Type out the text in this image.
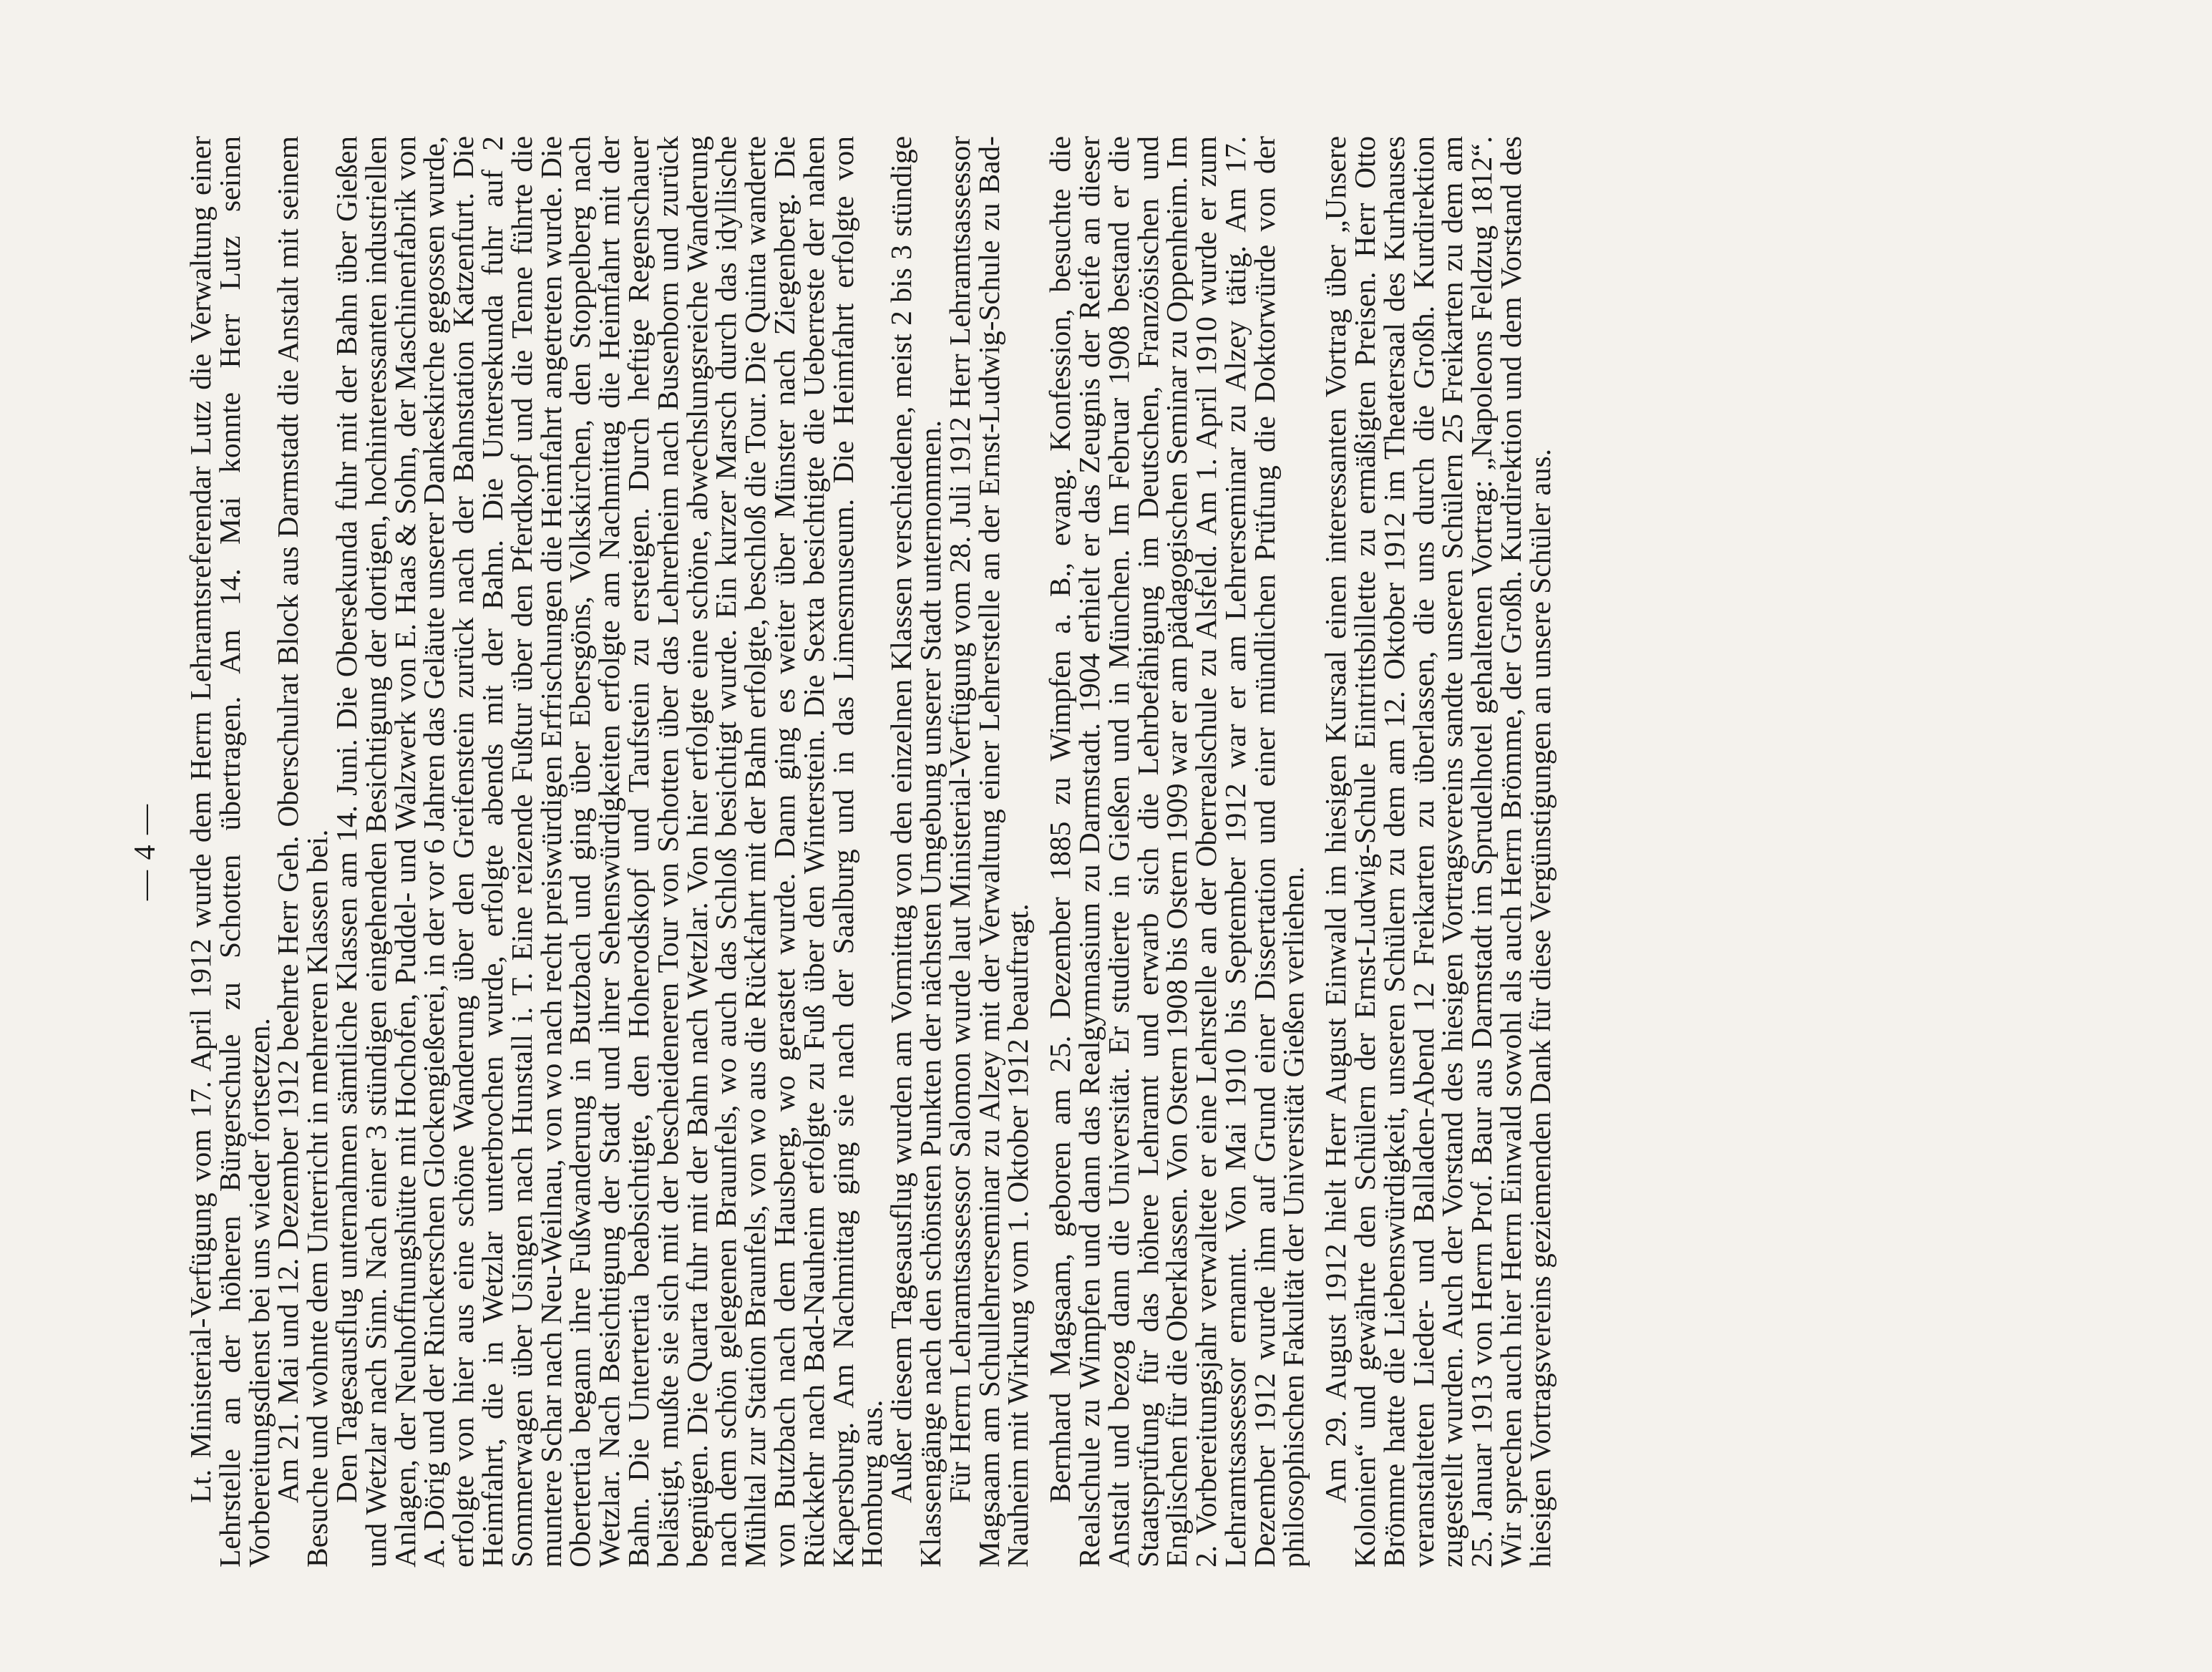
— 4 — Lt. Ministerial-Verfügung vom 17. April 1912 wurde dem Herrn Lehramtsreferendar Lutz die Verwaltung einer Lehrstelle an der höheren Bürgerschule zu Schotten übertragen. Am 14. Mai konnte Herr Lutz seinen Vorbereitungsdienst bei uns wieder fortsetzen.

Am 21. Mai und 12. Dezember 1912 beehrte Herr Geh. Oberschulrat Block aus Darmstadt die Anstalt mit seinem Besuche und wohnte dem Unterricht in mehreren Klassen bei.

Den Tagesausflug unternahmen sämtliche Klassen am 14. Juni. Die Obersekunda fuhr mit der Bahn über Gießen und Wetzlar nach Sinn. Nach einer 3 stündigen eingehenden Besichtigung der dortigen, hochinteressanten industriellen Anlagen, der Neuhoffnungshütte mit Hochofen, Puddel- und Walzwerk von E. Haas & Sohn, der Maschinenfabrik von A. Dörig und der Rinckerschen Glockengießerei, in der vor 6 Jahren das Geläute unserer Dankeskirche gegossen wurde, erfolgte von hier aus eine schöne Wanderung über den Greifenstein zurück nach der Bahnstation Katzenfurt. Die Heimfahrt, die in Wetzlar unterbrochen wurde, erfolgte abends mit der Bahn. Die Untersekunda fuhr auf 2 Sommerwagen über Usingen nach Hunstall i. T. Eine reizende Fußtur über den Pferdkopf und die Tenne führte die muntere Schar nach Neu-Weilnau, von wo nach recht preiswürdigen Erfrischungen die Heimfahrt angetreten wurde. Die Obertertia begann ihre Fußwanderung in Butzbach und ging über Ebersgöns, Volkskirchen, den Stoppelberg nach Wetzlar. Nach Besichtigung der Stadt und ihrer Sehenswürdigkeiten erfolgte am Nachmittag die Heimfahrt mit der Bahn. Die Untertertia beabsichtigte, den Hoherodskopf und Taufstein zu ersteigen. Durch heftige Regenschauer belästigt, mußte sie sich mit der bescheideneren Tour von Schotten über das Lehrerheim nach Busenborn und zurück begnügen. Die Quarta fuhr mit der Bahn nach Wetzlar. Von hier erfolgte eine schöne, abwechslungsreiche Wanderung nach dem schön gelegenen Braunfels, wo auch das Schloß besichtigt wurde. Ein kurzer Marsch durch das idyllische Mühltal zur Station Braunfels, von wo aus die Rückfahrt mit der Bahn erfolgte, beschloß die Tour. Die Quinta wanderte von Butzbach nach dem Hausberg, wo gerastet wurde. Dann ging es weiter über Münster nach Ziegenberg. Die Rückkehr nach Bad-Nauheim erfolgte zu Fuß über den Winterstein. Die Sexta besichtigte die Ueberreste der nahen Kapersburg. Am Nachmittag ging sie nach der Saalburg und in das Limesmuseum. Die Heimfahrt erfolgte von Homburg aus.

Außer diesem Tagesausflug wurden am Vormittag von den einzelnen Klassen verschiedene, meist 2 bis 3 stündige Klassengänge nach den schönsten Punkten der nächsten Umgebung unserer Stadt unternommen.

Für Herrn Lehramtsassessor Salomon wurde laut Ministerial-Verfügung vom 28. Juli 1912 Herr Lehramtsassessor Magsaam am Schullehrerseminar zu Alzey mit der Verwaltung einer Lehrerstelle an der Ernst-Ludwig-Schule zu Bad-Nauheim mit Wirkung vom 1. Oktober 1912 beauftragt. Bernhard Magsaam, geboren am 25. Dezember 1885 zu Wimpfen a. B., evang. Konfession, besuchte die Realschule zu Wimpfen und dann das Realgymnasium zu Darmstadt. 1904 erhielt er das Zeugnis der Reife an dieser Anstalt und bezog dann die Universität. Er studierte in Gießen und in München. Im Februar 1908 bestand er die Staatsprüfung für das höhere Lehramt und erwarb sich die Lehrbefähigung im Deutschen, Französischen und Englischen für die Oberklassen. Von Ostern 1908 bis Ostern 1909 war er am pädagogischen Seminar zu Oppenheim. Im 2. Vorbereitungsjahr verwaltete er eine Lehrstelle an der Oberrealschule zu Alsfeld. Am 1. April 1910 wurde er zum Lehramtsassessor ernannt. Von Mai 1910 bis September 1912 war er am Lehrerseminar zu Alzey tätig. Am 17. Dezember 1912 wurde ihm auf Grund einer Dissertation und einer mündlichen Prüfung die Doktorwürde von der philosophischen Fakultät der Universität Gießen verliehen. Am 29. August 1912 hielt Herr August Einwald im hiesigen Kursaal einen interessanten Vortrag über „Unsere Kolonien“ und gewährte den Schülern der Ernst-Ludwig-Schule Eintrittsbillette zu ermäßigten Preisen. Herr Otto Brömme hatte die Liebenswürdigkeit, unseren Schülern zu dem am 12. Oktober 1912 im Theatersaal des Kurhauses veranstalteten Lieder- und Balladen-Abend 12 Freikarten zu überlassen, die uns durch die Großh. Kurdirektion zugestellt wurden. Auch der Vorstand des hiesigen Vortragsvereins sandte unseren Schülern 25 Freikarten zu dem am 25. Januar 1913 von Herrn Prof. Baur aus Darmstadt im Sprudelhotel gehaltenen Vortrag: „Napoleons Feldzug 1812“. Wir sprechen auch hier Herrn Einwald sowohl als auch Herrn Brömme, der Großh. Kurdirektion und dem Vorstand des hiesigen Vortragsvereins geziemenden Dank für diese Vergünstigungen an unsere Schüler aus.
